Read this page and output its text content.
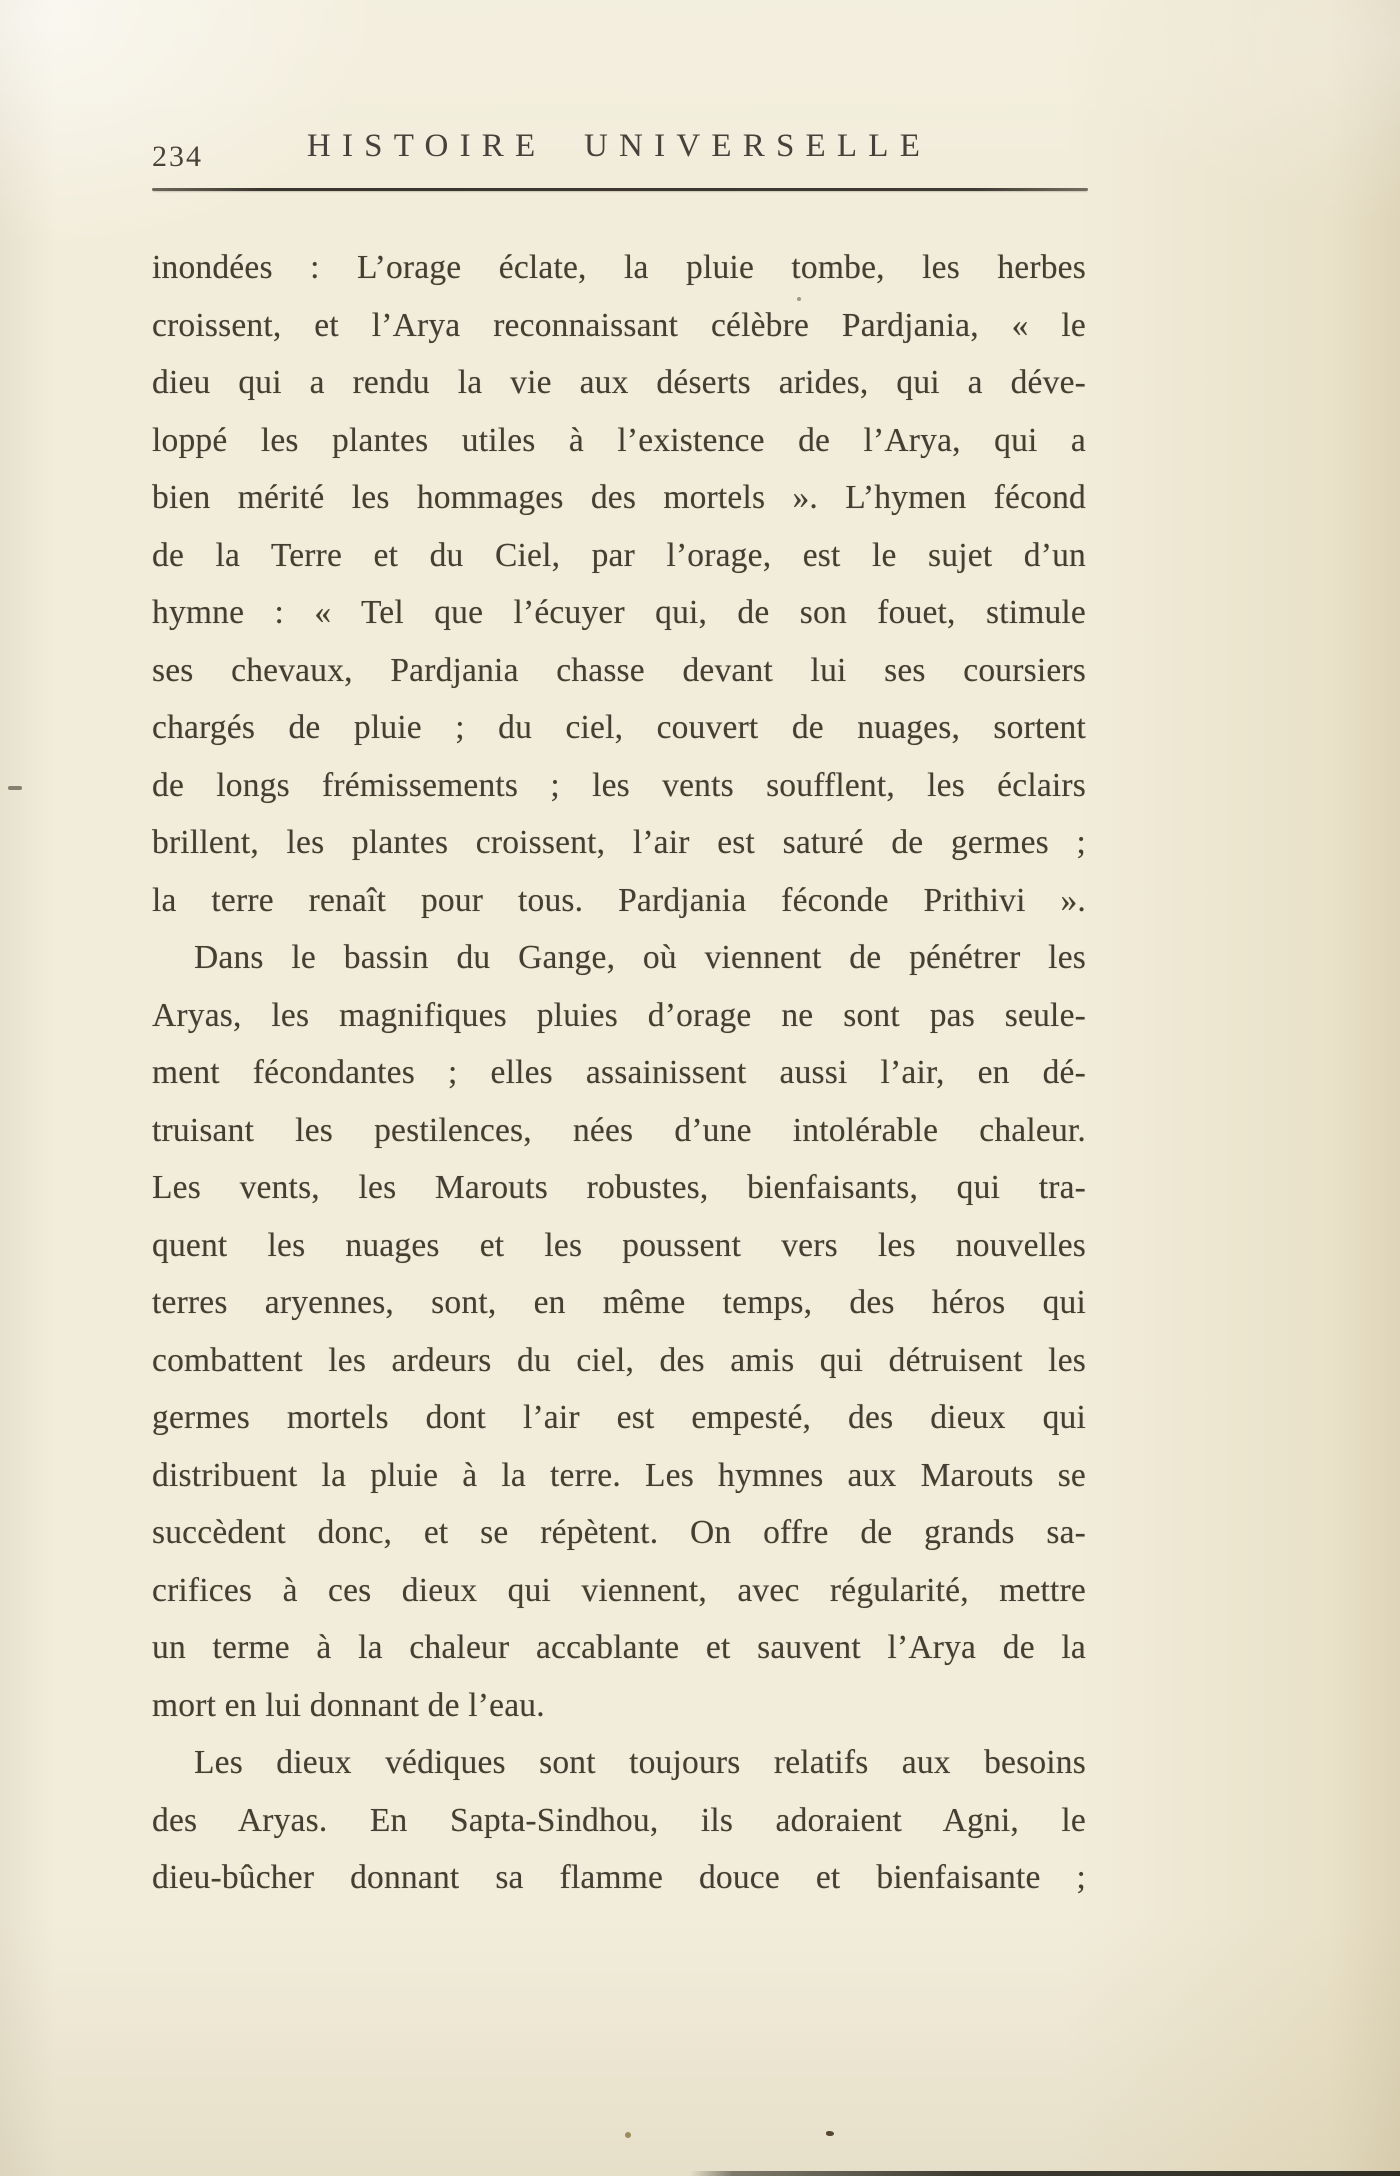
234	HISTOIRE UNIVERSELLE
inondées : L’orage éclate, la pluie tombe, les herbes
croissent, et l’Arya reconnaissant célèbre Pardjania, « le
dieu qui a rendu la vie aux déserts arides, qui a déve-
loppé les plantes utiles à l’existence de l’Arya, qui a
bien mérité les hommages des mortels ». L’hymen fécond
de la Terre et du Ciel, par l’orage, est le sujet d’un
hymne : « Tel que l’écuyer qui, de son fouet, stimule
ses chevaux, Pardjania chasse devant lui ses coursiers
chargés de pluie ; du ciel, couvert de nuages, sortent
de longs frémissements ; les vents soufflent, les éclairs
brillent, les plantes croissent, l’air est saturé de germes ;
la terre renaît pour tous. Pardjania féconde Prithivi ».
Dans le bassin du Gange, où viennent de pénétrer les
Aryas, les magnifiques pluies d’orage ne sont pas seule-
ment fécondantes ; elles assainissent aussi l’air, en dé-
truisant les pestilences, nées d’une intolérable chaleur.
Les vents, les Marouts robustes, bienfaisants, qui tra-
quent les nuages et les poussent vers les nouvelles
terres aryennes, sont, en même temps, des héros qui
combattent les ardeurs du ciel, des amis qui détruisent les
germes mortels dont l’air est empesté, des dieux qui
distribuent la pluie à la terre. Les hymnes aux Marouts se
succèdent donc, et se répètent. On offre de grands sa-
crifices à ces dieux qui viennent, avec régularité, mettre
un terme à la chaleur accablante et sauvent l’Arya de la
mort en lui donnant de l’eau.
Les dieux védiques sont toujours relatifs aux besoins
des Aryas. En Sapta-Sindhou, ils adoraient Agni, le
dieu-bûcher donnant sa flamme douce et bienfaisante ;
